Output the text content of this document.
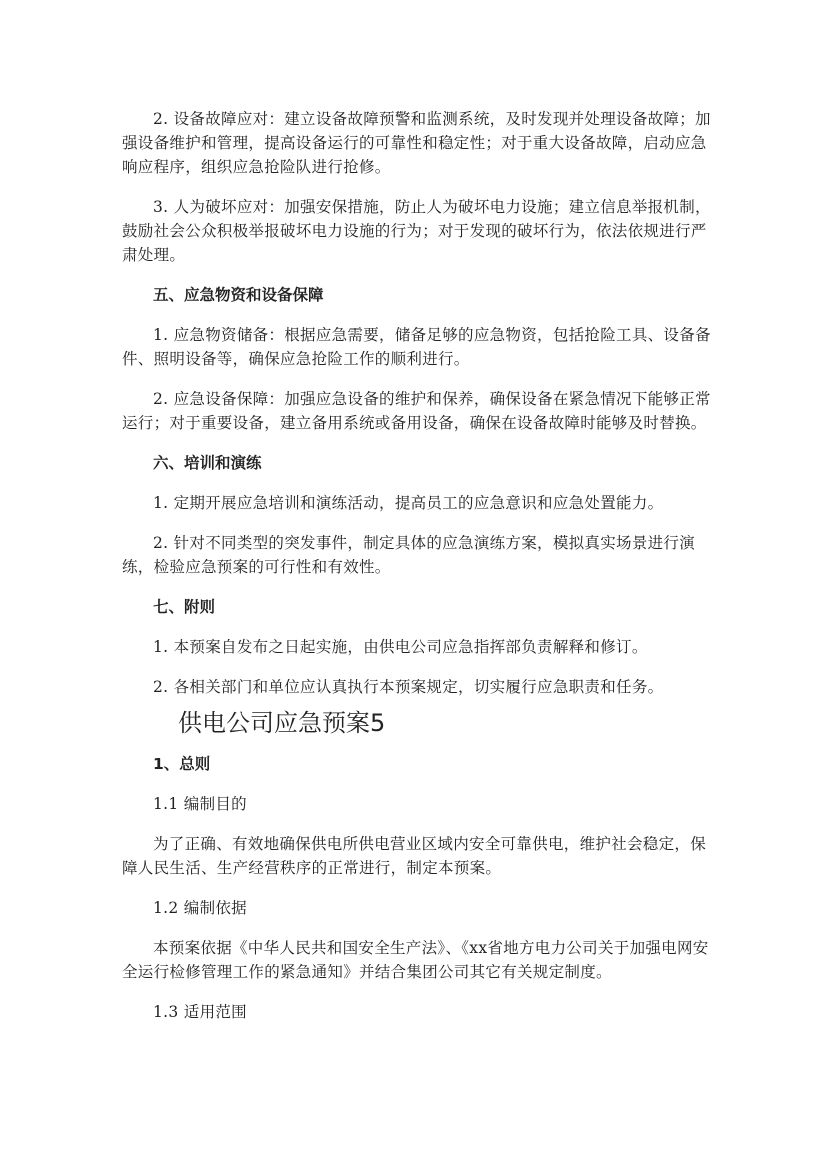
2. 设备故障应对：建立设备故障预警和监测系统，及时发现并处理设备故障；加强设备维护和管理，提高设备运行的可靠性和稳定性；对于重大设备故障，启动应急响应程序，组织应急抢险队进行抢修。
3. 人为破坏应对：加强安保措施，防止人为破坏电力设施；建立信息举报机制，鼓励社会公众积极举报破坏电力设施的行为；对于发现的破坏行为，依法依规进行严肃处理。
五、应急物资和设备保障
1. 应急物资储备：根据应急需要，储备足够的应急物资，包括抢险工具、设备备件、照明设备等，确保应急抢险工作的顺利进行。
2. 应急设备保障：加强应急设备的维护和保养，确保设备在紧急情况下能够正常运行；对于重要设备，建立备用系统或备用设备，确保在设备故障时能够及时替换。
六、培训和演练
1. 定期开展应急培训和演练活动，提高员工的应急意识和应急处置能力。
2. 针对不同类型的突发事件，制定具体的应急演练方案，模拟真实场景进行演练，检验应急预案的可行性和有效性。
七、附则
1. 本预案自发布之日起实施，由供电公司应急指挥部负责解释和修订。
2. 各相关部门和单位应认真执行本预案规定，切实履行应急职责和任务。
供电公司应急预案5
1、总则
1.1 编制目的
为了正确、有效地确保供电所供电营业区域内安全可靠供电，维护社会稳定，保障人民生活、生产经营秩序的正常进行，制定本预案。
1.2 编制依据
本预案依据《中华人民共和国安全生产法》、《xx省地方电力公司关于加强电网安全运行检修管理工作的紧急通知》并结合集团公司其它有关规定制度。
1.3 适用范围
